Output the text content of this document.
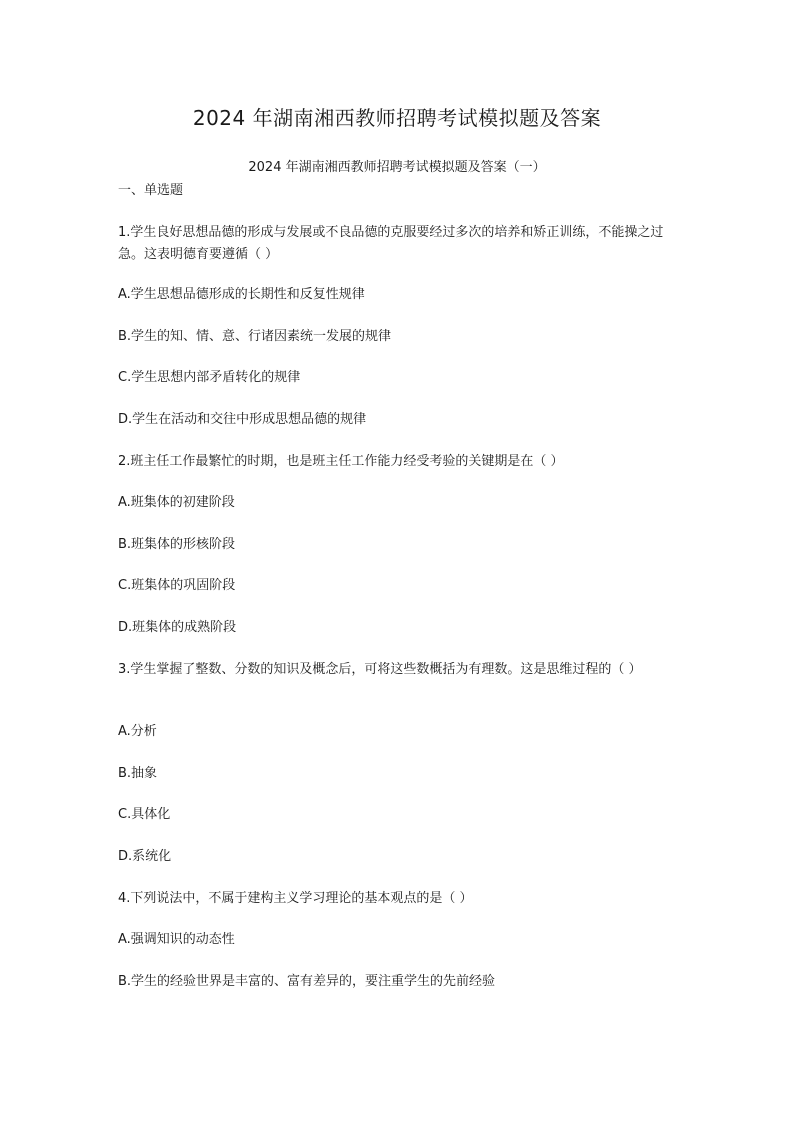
2024 年湖南湘西教师招聘考试模拟题及答案
2024 年湖南湘西教师招聘考试模拟题及答案（一）
一、单选题
1.学生良好思想品德的形成与发展或不良品德的克服要经过多次的培养和矫正训练，不能操之过急。这表明德育要遵循（ ）
A.学生思想品德形成的长期性和反复性规律
B.学生的知、情、意、行诸因素统一发展的规律
C.学生思想内部矛盾转化的规律
D.学生在活动和交往中形成思想品德的规律
2.班主任工作最繁忙的时期，也是班主任工作能力经受考验的关键期是在（ ）
A.班集体的初建阶段
B.班集体的形核阶段
C.班集体的巩固阶段
D.班集体的成熟阶段
3.学生掌握了整数、分数的知识及概念后，可将这些数概括为有理数。这是思维过程的（ ）
A.分析
B.抽象
C.具体化
D.系统化
4.下列说法中，不属于建构主义学习理论的基本观点的是（ ）
A.强调知识的动态性
B.学生的经验世界是丰富的、富有差异的，要注重学生的先前经验
